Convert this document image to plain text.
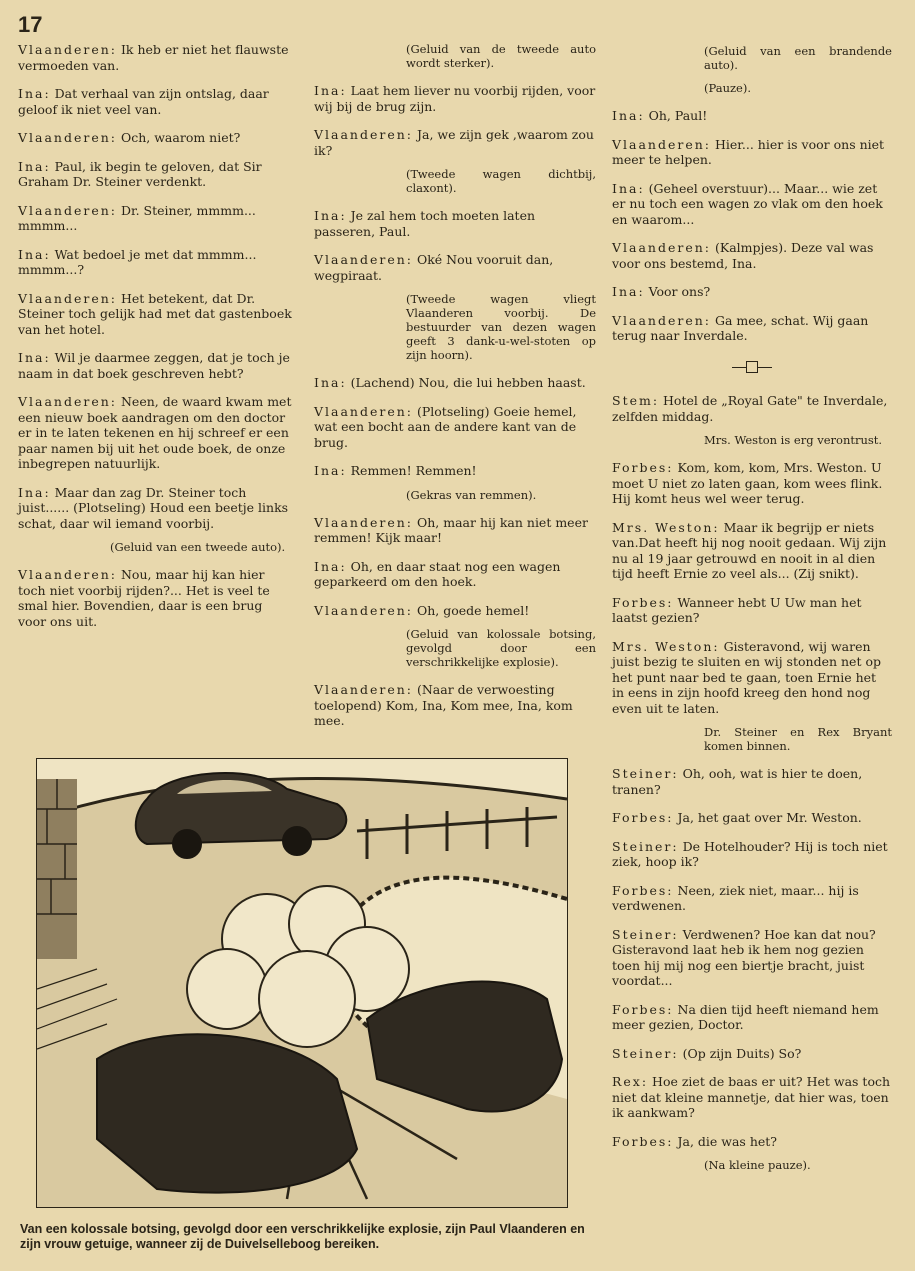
17
Vlaanderen: Ik heb er niet het flauwste vermoeden van.
Ina: Dat verhaal van zijn ontslag, daar geloof ik niet veel van.
Vlaanderen: Och, waarom niet?
Ina: Paul, ik begin te geloven, dat Sir Graham Dr. Steiner verdenkt.
Vlaanderen: Dr. Steiner, mmmm... mmmm...
Ina: Wat bedoel je met dat mmmm... mmmm...?
Vlaanderen: Het betekent, dat Dr. Steiner toch gelijk had met dat gastenboek van het hotel.
Ina: Wil je daarmee zeggen, dat je toch je naam in dat boek geschreven hebt?
Vlaanderen: Neen, de waard kwam met een nieuw boek aandragen om den doctor er in te laten tekenen en hij schreef er een paar namen bij uit het oude boek, de onze inbegrepen natuurlijk.
Ina: Maar dan zag Dr. Steiner toch juist...... (Plotseling) Houd een beetje links schat, daar wil iemand voorbij.
(Geluid van een tweede auto).
Vlaanderen: Nou, maar hij kan hier toch niet voorbij rijden?... Het is veel te smal hier. Bovendien, daar is een brug voor ons uit.
(Geluid van de tweede auto wordt sterker).
Ina: Laat hem liever nu voorbij rijden, voor wij bij de brug zijn.
Vlaanderen: Ja, we zijn gek ,waarom zou ik?
(Tweede wagen dichtbij, claxont).
Ina: Je zal hem toch moeten laten passeren, Paul.
Vlaanderen: Oké Nou vooruit dan, wegpiraat.
(Tweede wagen vliegt Vlaanderen voorbij. De bestuurder van dezen wagen geeft 3 dank-u-wel-stoten op zijn hoorn).
Ina: (Lachend) Nou, die lui hebben haast.
Vlaanderen: (Plotseling) Goeie hemel, wat een bocht aan de andere kant van de brug.
Ina: Remmen! Remmen!
(Gekras van remmen).
Vlaanderen: Oh, maar hij kan niet meer remmen! Kijk maar!
Ina: Oh, en daar staat nog een wagen geparkeerd om den hoek.
Vlaanderen: Oh, goede hemel!
(Geluid van kolossale botsing, gevolgd door een verschrikkelijke explosie).
Vlaanderen: (Naar de verwoesting toelopend) Kom, Ina, Kom mee, Ina, kom mee.
(Geluid van een brandende auto).
(Pauze).
Ina: Oh, Paul!
Vlaanderen: Hier... hier is voor ons niet meer te helpen.
Ina: (Geheel overstuur)... Maar... wie zet er nu toch een wagen zo vlak om den hoek en waarom...
Vlaanderen: (Kalmpjes). Deze val was voor ons bestemd, Ina.
Ina: Voor ons?
Vlaanderen: Ga mee, schat. Wij gaan terug naar Inverdale.
Stem: Hotel de „Royal Gate" te Inverdale, zelfden middag.
Mrs. Weston is erg verontrust.
Forbes: Kom, kom, kom, Mrs. Weston. U moet U niet zo laten gaan, kom wees flink. Hij komt heus wel weer terug.
Mrs. Weston: Maar ik begrijp er niets van.Dat heeft hij nog nooit gedaan. Wij zijn nu al 19 jaar getrouwd en nooit in al dien tijd heeft Ernie zo veel als... (Zij snikt).
Forbes: Wanneer hebt U Uw man het laatst gezien?
Mrs. Weston: Gisteravond, wij waren juist bezig te sluiten en wij stonden net op het punt naar bed te gaan, toen Ernie het in eens in zijn hoofd kreeg den hond nog even uit te laten.
Dr. Steiner en Rex Bryant komen binnen.
Steiner: Oh, ooh, wat is hier te doen, tranen?
Forbes: Ja, het gaat over Mr. Weston.
Steiner: De Hotelhouder? Hij is toch niet ziek, hoop ik?
Forbes: Neen, ziek niet, maar... hij is verdwenen.
Steiner: Verdwenen? Hoe kan dat nou? Gisteravond laat heb ik hem nog gezien toen hij mij nog een biertje bracht, juist voordat...
Forbes: Na dien tijd heeft niemand hem meer gezien, Doctor.
Steiner: (Op zijn Duits) So?
Rex: Hoe ziet de baas er uit? Het was toch niet dat kleine mannetje, dat hier was, toen ik aankwam?
Forbes: Ja, die was het?
(Na kleine pauze).
Van een kolossale botsing, gevolgd door een verschrikkelijke explosie, zijn Paul Vlaanderen en zijn vrouw getuige, wanneer zij de Duivelselleboog bereiken.
